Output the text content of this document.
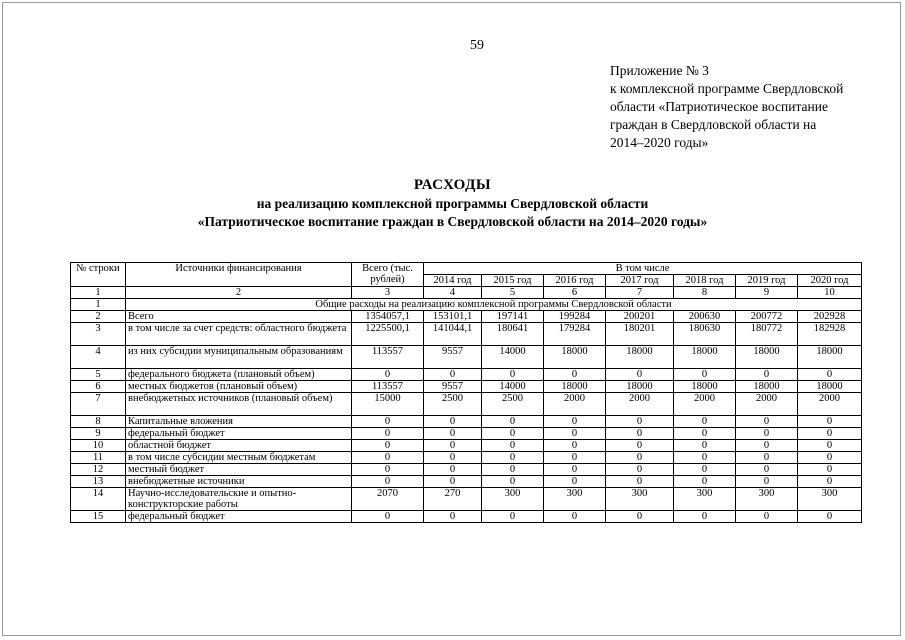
59
Приложение № 3
к комплексной программе Свердловской
области «Патриотическое воспитание
граждан в Свердловской области на
2014–2020 годы»
РАСХОДЫ
на реализацию комплексной программы Свердловской области
«Патриотическое воспитание граждан в Свердловской области на 2014–2020 годы»
№ строки	Источники финансирования	Всего (тыс. рублей)	В том числе						
			2014 год	2015 год	2016 год	2017 год	2018 год	2019 год	2020 год
1	2	3	4	5	6	7	8	9	10
1	Общие расходы на реализацию комплексной программы Свердловской области								
2	Всего	1354057,1	153101,1	197141	199284	200201	200630	200772	202928
3	в том числе за счет средств: областного бюджета	1225500,1	141044,1	180641	179284	180201	180630	180772	182928
4	из них субсидии муниципальным образованиям	113557	9557	14000	18000	18000	18000	18000	18000
5	федерального бюджета (плановый объем)	0	0	0	0	0	0	0	0
6	местных бюджетов (плановый объем)	113557	9557	14000	18000	18000	18000	18000	18000
7	внебюджетных источников (плановый объем)	15000	2500	2500	2000	2000	2000	2000	2000
8	Капитальные вложения	0	0	0	0	0	0	0	0
9	федеральный бюджет	0	0	0	0	0	0	0	0
10	областной бюджет	0	0	0	0	0	0	0	0
11	в том числе субсидии местным бюджетам	0	0	0	0	0	0	0	0
12	местный бюджет	0	0	0	0	0	0	0	0
13	внебюджетные источники	0	0	0	0	0	0	0	0
14	Научно-исследовательские и опытно-конструкторские работы	2070	270	300	300	300	300	300	300
15	федеральный бюджет	0	0	0	0	0	0	0	0
